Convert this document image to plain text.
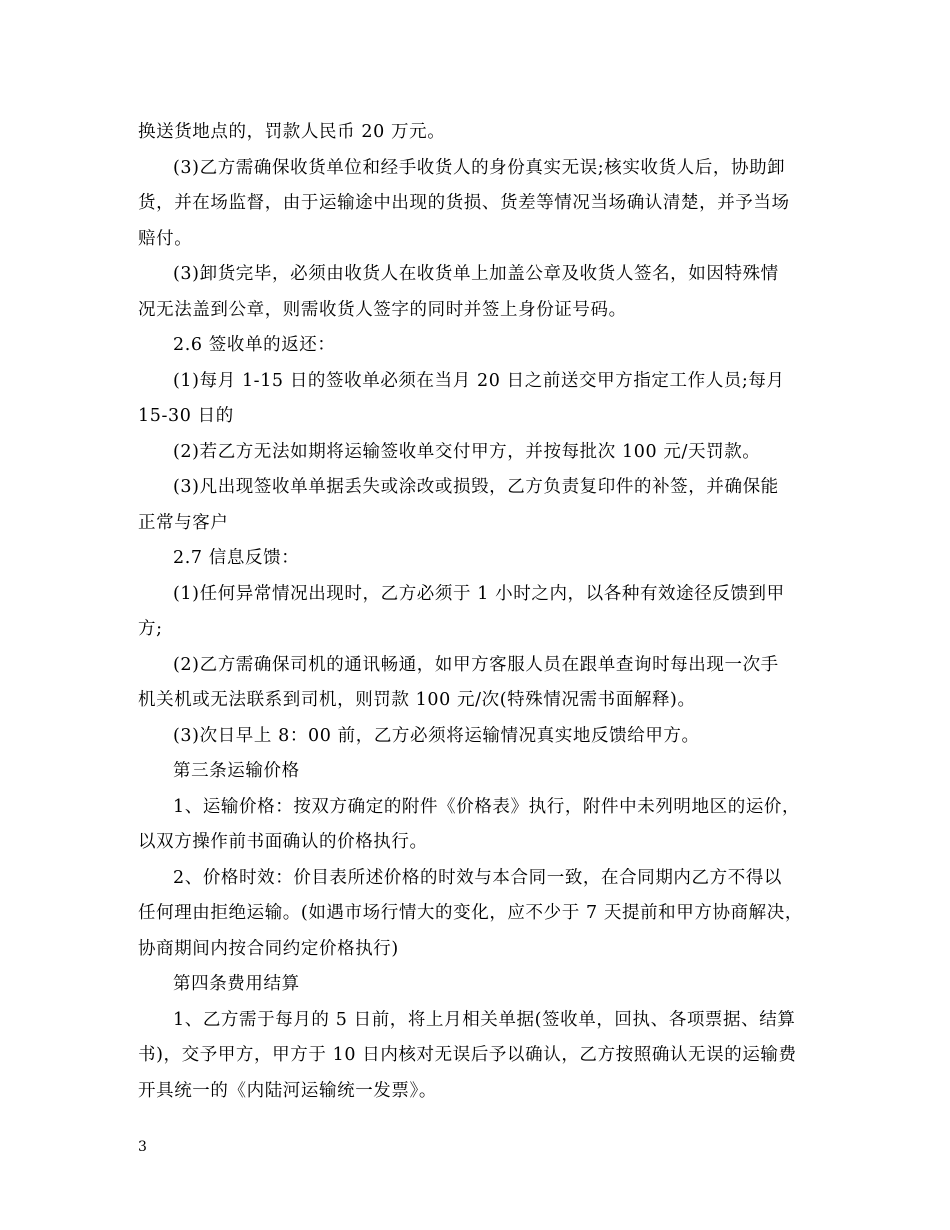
换送货地点的，罚款人民币 20 万元。
(3)乙方需确保收货单位和经手收货人的身份真实无误;核实收货人后，协助卸
货，并在场监督，由于运输途中出现的货损、货差等情况当场确认清楚，并予当场
赔付。
(3)卸货完毕，必须由收货人在收货单上加盖公章及收货人签名，如因特殊情
况无法盖到公章，则需收货人签字的同时并签上身份证号码。
2.6 签收单的返还：
(1)每月 1-15 日的签收单必须在当月 20 日之前送交甲方指定工作人员;每月
15-30 日的
(2)若乙方无法如期将运输签收单交付甲方，并按每批次 100 元/天罚款。
(3)凡出现签收单单据丢失或涂改或损毁，乙方负责复印件的补签，并确保能
正常与客户
2.7 信息反馈：
(1)任何异常情况出现时，乙方必须于 1 小时之内，以各种有效途径反馈到甲
方;
(2)乙方需确保司机的通讯畅通，如甲方客服人员在跟单查询时每出现一次手
机关机或无法联系到司机，则罚款 100 元/次(特殊情况需书面解释)。
(3)次日早上 8：00 前，乙方必须将运输情况真实地反馈给甲方。
第三条运输价格
1、运输价格：按双方确定的附件《价格表》执行，附件中未列明地区的运价，
以双方操作前书面确认的价格执行。
2、价格时效：价目表所述价格的时效与本合同一致，在合同期内乙方不得以
任何理由拒绝运输。(如遇市场行情大的变化，应不少于 7 天提前和甲方协商解决，
协商期间内按合同约定价格执行)
第四条费用结算
1、乙方需于每月的 5 日前，将上月相关单据(签收单，回执、各项票据、结算
书)，交予甲方，甲方于 10 日内核对无误后予以确认，乙方按照确认无误的运输费
开具统一的《内陆河运输统一发票》。
3
